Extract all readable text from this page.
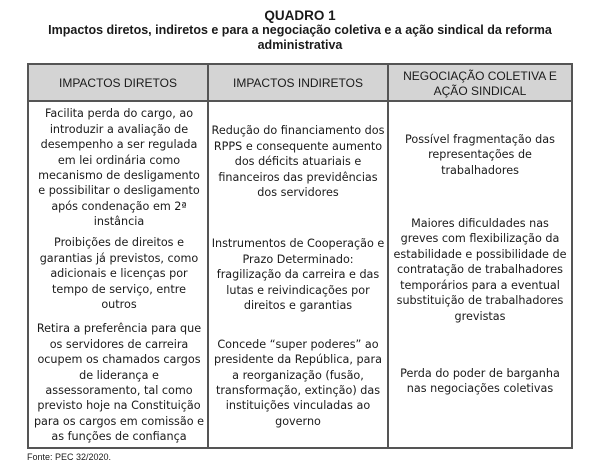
QUADRO 1
Impactos diretos, indiretos e para a negociação coletiva e a ação sindical da reforma administrativa
IMPACTOS DIRETOS	IMPACTOS INDIRETOS
NEGOCIAÇÃO COLETIVA E AÇÃO SINDICAL
Facilita perda do cargo, ao introduzir a avaliação de desempenho a ser regulada em lei ordinária como mecanismo de desligamento e possibilitar o desligamento após condenação em 2ª instância
Redução do financiamento dos RPPS e consequente aumento dos déficits atuariais e financeiros das previdências dos servidores
Possível fragmentação das representações de trabalhadores
Proibições de direitos e garantias já previstos, como adicionais e licenças por tempo de serviço, entre outros
Instrumentos de Cooperação e Prazo Determinado: fragilização da carreira e das lutas e reivindicações por direitos e garantias
Maiores dificuldades nas greves com flexibilização da estabilidade e possibilidade de contratação de trabalhadores temporários para a eventual substituição de trabalhadores grevistas
Retira a preferência para que os servidores de carreira ocupem os chamados cargos de liderança e assessoramento, tal como previsto hoje na Constituição para os cargos em comissão e as funções de confiança
Concede “super poderes” ao presidente da República, para a reorganização (fusão, transformação, extinção) das instituições vinculadas ao governo
Perda do poder de barganha nas negociações coletivas
Fonte: PEC 32/2020.
